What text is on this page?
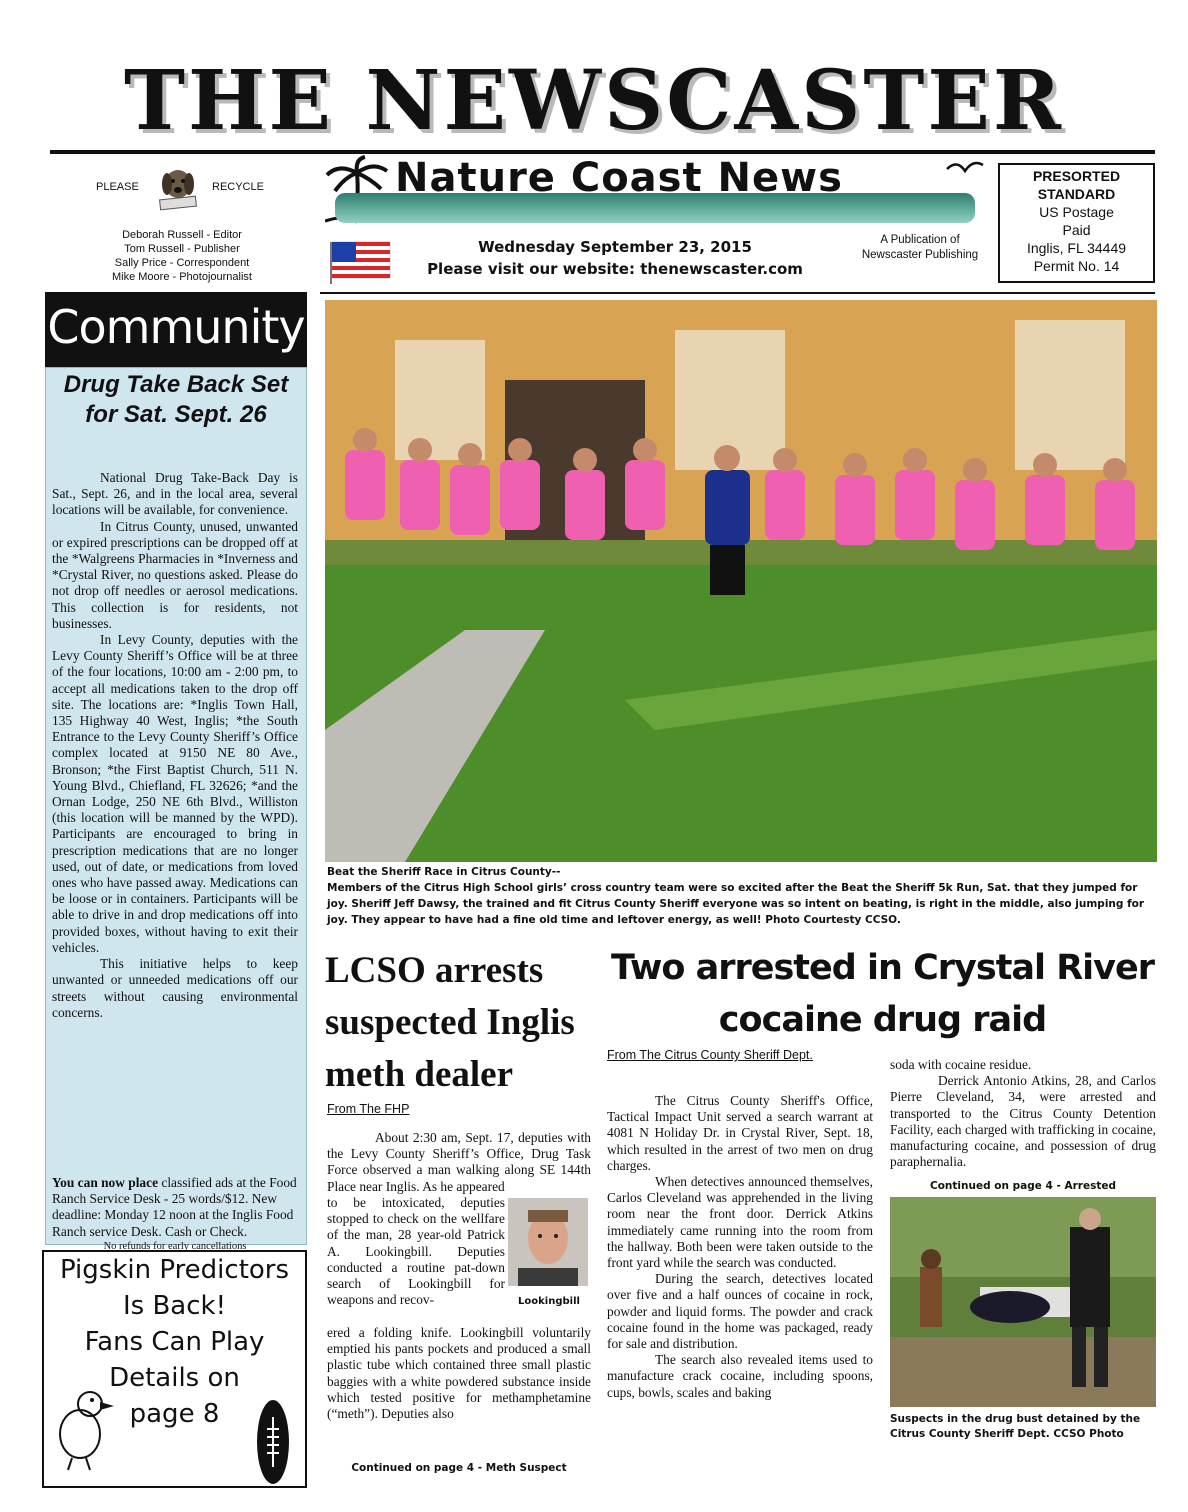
THE NEWSCASTER
PLEASE	RECYCLE
Deborah Russell - Editor
Tom Russell - Publisher
Sally Price - Correspondent
Mike Moore - Photojournalist
Nature Coast News	PRESORTED
STANDARD
US Postage
Paid
Inglis, FL 34449
Permit No. 14
Wednesday September 23, 2015
Please visit our website: thenewscaster.com
A Publication of
Newscaster Publishing
Community
Drug Take Back Set for Sat. Sept. 26

National Drug Take-Back Day is Sat., Sept. 26, and in the local area, several locations will be available, for convenience.

In Citrus County, unused, unwanted or expired prescriptions can be dropped off at the *Walgreens Pharmacies in *Inverness and *Crystal River, no questions asked. Please do not drop off needles or aerosol medications. This collection is for residents, not businesses.

In Levy County, deputies with the Levy County Sheriff’s Office will be at three of the four locations, 10:00 am - 2:00 pm, to accept all medications taken to the drop off site. The locations are: *Inglis Town Hall, 135 Highway 40 West, Inglis; *the South Entrance to the Levy County Sheriff’s Office complex located at 9150 NE 80 Ave., Bronson; *the First Baptist Church, 511 N. Young Blvd., Chiefland, FL 32626; *and the Ornan Lodge, 250 NE 6th Blvd., Williston (this location will be manned by the WPD). Participants are encouraged to bring in prescription medications that are no longer used, out of date, or medications from loved ones who have passed away. Medications can be loose or in containers. Participants will be able to drive in and drop medications off into provided boxes, without having to exit their vehicles.

This initiative helps to keep unwanted or unneeded medications off our streets without causing environmental concerns.

You can now place classified ads at the Food Ranch Service Desk - 25 words/$12. New deadline: Monday 12 noon at the Inglis Food Ranch service Desk. Cash or Check.
No refunds for early cancellations
Pigskin Predictors
Is Back!
Fans Can Play
Details on
page 8
Beat the Sheriff Race in Citrus County--
Members of the Citrus High School girls’ cross country team were so excited after the Beat the Sheriff 5k Run, Sat. that they jumped for joy. Sheriff Jeff Dawsy, the trained and fit Citrus County Sheriff everyone was so intent on beating, is right in the middle, also jumping for joy. They appear to have had a fine old time and leftover energy, as well! Photo Courtesty CCSO.
LCSO arrests suspected Inglis meth dealer
From The FHP

About 2:30 am, Sept. 17, deputies with the Levy County Sheriff’s Office, Drug Task Force observed a man walking along SE 144th Place near Inglis. As he appeared

to be intoxicated, deputies stopped to check on the wellfare of the man, 28 year-old Patrick A. Lookingbill. Deputies conducted a routine pat-down search of Lookingbill for weapons and recov-
ered a folding knife. Lookingbill voluntarily emptied his pants pockets and produced a small plastic tube which contained three small plastic baggies with a white powdered substance inside which tested positive for methamphetamine (“meth”). Deputies also
Lookingbill
Continued on page 4 - Meth Suspect
Two arrested in Crystal River cocaine drug raid
From The Citrus County Sheriff Dept.

The Citrus County Sheriff's Office, Tactical Impact Unit served a search warrant at 4081 N Holiday Dr. in Crystal River, Sept. 18, which resulted in the arrest of two men on drug charges.

When detectives announced themselves, Carlos Cleveland was apprehended in the living room near the front door. Derrick Atkins immediately came running into the room from the hallway. Both been were taken outside to the front yard while the search was conducted.

During the search, detectives located over five and a half ounces of cocaine in rock, powder and liquid forms. The powder and crack cocaine found in the home was packaged, ready for sale and distribution.

The search also revealed items used to manufacture crack cocaine, including spoons, cups, bowls, scales and baking

soda with cocaine residue.

Derrick Antonio Atkins, 28, and Carlos Pierre Cleveland, 34, were arrested and transported to the Citrus County Detention Facility, each charged with trafficking in cocaine, manufacturing cocaine, and possession of drug paraphernalia.

Continued on page 4 - Arrested
Suspects in the drug bust detained by the Citrus County Sheriff Dept. CCSO Photo
